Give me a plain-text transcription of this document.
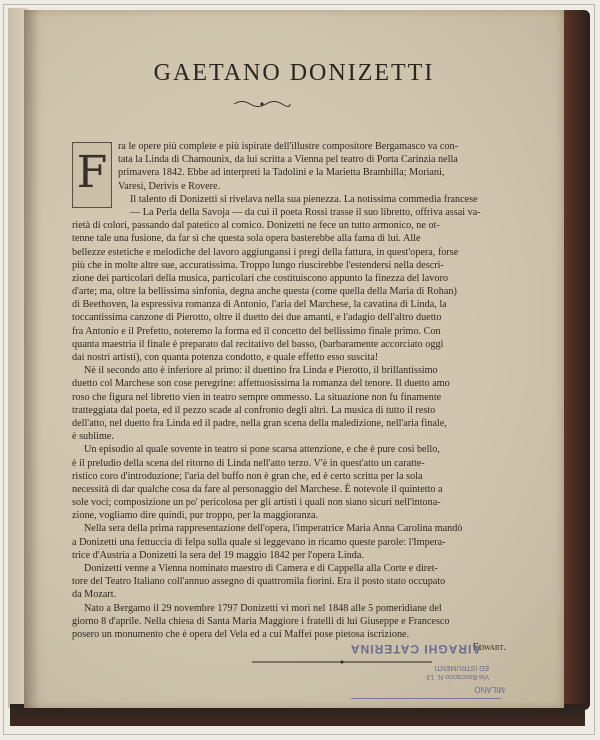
GAETANO DONIZETTI
F
ra le opere più complete e più ispirate dell'illustre compositore Bergamasco va con-
tata la Linda di Chamounix, da lui scritta a Vienna pel teatro di Porta Carinzia nella
primavera 1842. Ebbe ad interpreti la Tadolini e la Marietta Brambilla; Moriani,
Varesi, Derivis e Rovere.
Il talento di Donizetti si rivelava nella sua pienezza. La notissima commedia francese
— La Perla della Savoja — da cui il poeta Rossi trasse il suo libretto, offriva assai va-
rietà di colori, passando dal patetico al comico. Donizetti ne fece un tutto armonico, ne ot-
tenne tale una fusione, da far sì che questa sola opera basterebbe alla fama di lui. Alle
bellezze estetiche e melodiche del lavoro aggiungansi i pregi della fattura, in quest'opera, forse
più che in molte altre sue, accuratissima. Troppo lungo riuscirebbe l'estendersi nella descri-
zione dei particolari della musica, particolari che costituiscono appunto la finezza del lavoro
d'arte; ma, oltre la bellissima sinfonia, degna anche questa (come quella della Maria di Rohan)
di Beethoven, la espressiva romanza di Antonio, l'aria del Marchese, la cavatina di Linda, la
toccantissima canzone di Pierotto, oltre il duetto dei due amanti, e l'adagio dell'altro duetto
fra Antonio e il Prefetto, noteremo la forma ed il concetto del bellissimo finale primo. Con
quanta maestria il finale è preparato dal recitativo del basso, (barbaramente accorciato oggi
dai nostri artisti), con quanta potenza condotto, e quale effetto esso suscita!
Nè il secondo atto è inferiore al primo: il duettino fra Linda e Pierotto, il brillantissimo
duetto col Marchese son cose peregrine: affettuosissima la romanza del tenore. Il duetto amo
roso che figura nel libretto vien in teatro sempre ommesso. La situazione non fu finamente
tratteggiata dal poeta, ed il pezzo scade al confronto degli altri. La musica di tutto il resto
dell'atto, nel duetto fra Linda ed il padre, nella gran scena della maledizione, nell'aria finale,
è sublime.
Un episodio al quale sovente in teatro si pone scarsa attenzione, e che è pure così bello,
è il preludio della scena del ritorno di Linda nell'atto terzo. V'è in quest'atto un caratte-
ristico coro d'introduzione; l'aria del buffo non è gran che, ed è certo scritta per la sola
necessità di dar qualche cosa da fare al personaggio del Marchese. È notevole il quintetto a
sole voci; composizione un po' pericolosa per gli artisti i quali non siano sicuri nell'intona-
zione, vogliamo dire quindi, pur troppo, per la maggioranza.
Nella sera della prima rappresentazione dell'opera, l'imperatrice Maria Anna Carolina mandò
a Donizetti una fettuccia di felpa sulla quale si leggevano in ricamo queste parole: l'Impera-
trice d'Austria a Donizetti la sera del 19 maggio 1842 per l'opera Linda.
Donizetti venne a Vienna nominato maestro di Camera e di Cappella alla Corte e diret-
tore del Teatro Italiano coll'annuo assegno di quattromila fiorini. Era il posto stato occupato
da Mozart.
Nato a Bergamo il 29 novembre 1797 Donizetti vi morì nel 1848 alle 5 pomeridiane del
giorno 8 d'aprile. Nella chiesa di Santa Maria Maggiore i fratelli di lui Giuseppe e Francesco
posero un monumento che è opera del Vela ed a cui Maffei pose pietosa iscrizione.
Edwart.
MILANO
Via Boccaccio N. 13
ED ISTRUMENTI
AIRAGHI CATERINA
